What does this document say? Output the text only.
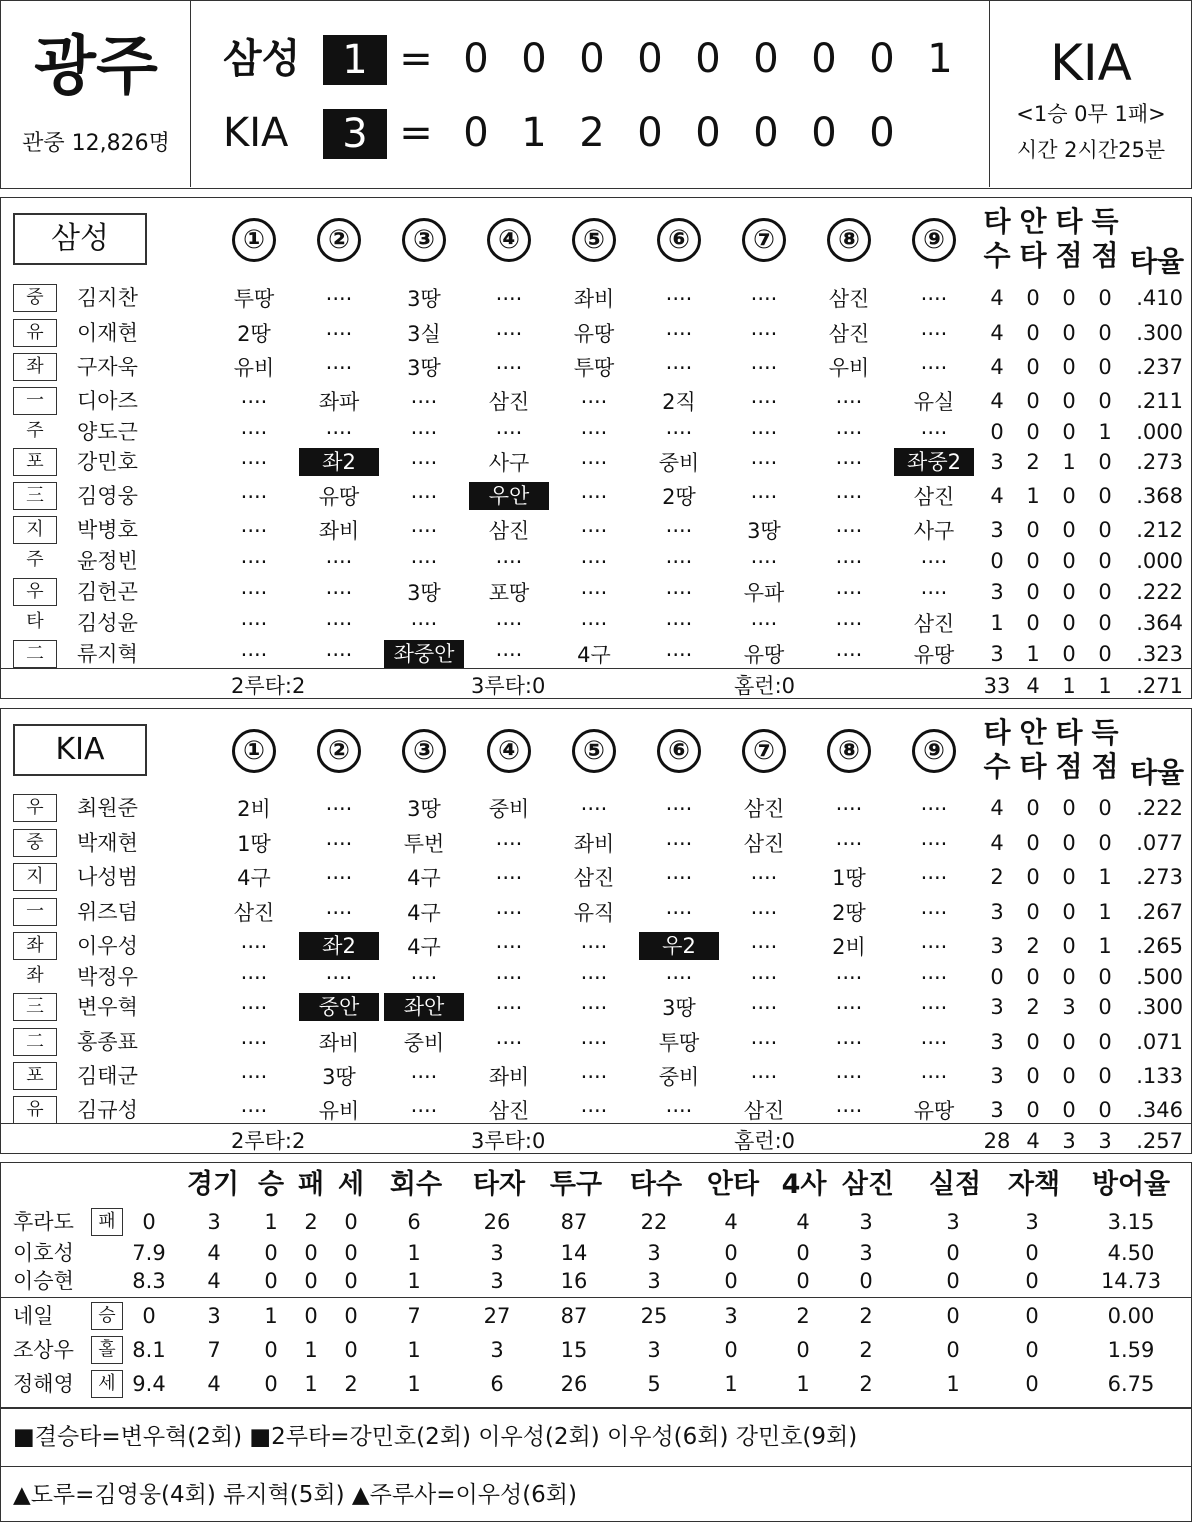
광주
관중 12,826명
삼성	1 = 0 0 0 0 0 0 0 0 1
KIA	3 = 0 1 2 0 0 0 0 0
KIA
<1승 0무 1패>
시간 2시간25분
삼성	①	②	③	④	⑤	⑥	⑦	⑧	⑨
타
수
안
타
타
점
득
점 타율
중	김지찬	투땅	····	3땅	····	좌비	····	····	삼진	····	4	0	0	0	.410
유	이재현	2땅	····	3실	····	유땅	····	····	삼진	····	4	0	0	0	.300
좌	구자욱	유비	····	3땅	····	투땅	····	····	우비	····	4	0	0	0	.237
一	디아즈	····	좌파	····	삼진	····	2직	····	····	유실	4	0	0	0	.211
주	양도근	····	····	····	····	····	····	····	····	····	0	0	0	1	.000
포	강민호	····	좌2	····	사구	····	중비	····	····	좌중2	3	2	1	0	.273
三	김영웅	····	유땅	····	우안	····	2땅	····	····	삼진	4	1	0	0	.368
지	박병호	····	좌비	····	삼진	····	····	3땅	····	사구	3	0	0	0	.212
주	윤정빈	····	····	····	····	····	····	····	····	····	0	0	0	0	.000
우	김헌곤	····	····	3땅	포땅	····	····	우파	····	····	3	0	0	0	.222
타	김성윤	····	····	····	····	····	····	····	····	삼진	1	0	0	0	.364
二	류지혁	····	····	좌중안	····	4구	····	유땅	····	유땅	3	1	0	0	.323
2루타:2	3루타:0	홈런:0	33 4	1	1	.271
KIA	①	②	③	④	⑤	⑥	⑦	⑧	⑨
타
수
안
타
타
점
득
점 타율
우	최원준	2비	····	3땅	중비	····	····	삼진	····	····	4	0	0	0	.222
중	박재현	1땅	····	투번	····	좌비	····	삼진	····	····	4	0	0	0	.077
지	나성범	4구	····	4구	····	삼진	····	····	1땅	····	2	0	0	1	.273
一	위즈덤	삼진	····	4구	····	유직	····	····	2땅	····	3	0	0	1	.267
좌	이우성	····	좌2	4구	····	····	우2	····	2비	····	3	2	0	1	.265
좌	박정우	····	····	····	····	····	····	····	····	····	0	0	0	0	.500
三	변우혁	····	중안	좌안	····	····	3땅	····	····	····	3	2	3	0	.300
二	홍종표	····	좌비	중비	····	····	투땅	····	····	····	3	0	0	0	.071
포	김태군	····	3땅	····	좌비	····	중비	····	····	····	3	0	0	0	.133
유	김규성	····	유비	····	삼진	····	····	삼진	····	유땅	3	0	0	0	.346
2루타:2	3루타:0	홈런:0	28 4	3	3	.257
경기 승 패 세 회수	타자 투구	타수 안타 4사 삼진	실점 자책	방어율
후라도	패	0	3	1	2	0	6	26 87	22	4	4	3	3	3	3.15
이호성	7.9	4	0	0	0	1	3	14	3	0	0	3	0	0	4.50
이승현	8.3	4	0	0	0	1	3	16	3	0	0	0	0	0	14.73
네일	승	0	3	1	0	0	7	27 87	25	3	2	2	0	0	0.00
조상우	홀 8.1	7	0	1	0	1	3	15	3	0	0	2	0	0	1.59
정해영	세 9.4	4	0	1	2	1	6	26	5	1	1	2	1	0	6.75
■결승타=변우혁(2회) ■2루타=강민호(2회) 이우성(2회) 이우성(6회) 강민호(9회)
▲도루=김영웅(4회) 류지혁(5회) ▲주루사=이우성(6회)
